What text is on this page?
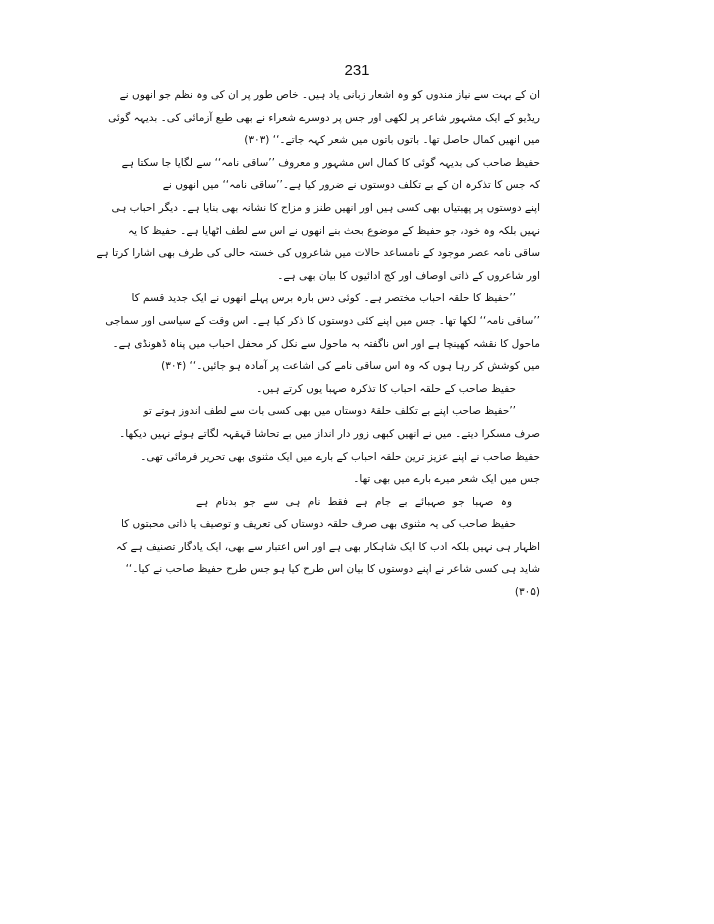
231
ان کے بہت سے نیاز مندوں کو وہ اشعار زبانی یاد ہیں۔ خاص طور پر ان کی وہ نظم جو انھوں نے
ریڈیو کے ایک مشہور شاعر پر لکھی اور جس پر دوسرے شعراء نے بھی طبع آزمائی کی۔ بدیہہ گوئی
میں انھیں کمال حاصل تھا۔ باتوں باتوں میں شعر کہہ جاتے۔‘‘ (۳۰۳)
حفیظ صاحب کی بدیہہ گوئی کا کمال اس مشہور و معروف ’’ساقی نامہ‘‘ سے لگایا جا سکتا ہے
کہ جس کا تذکرہ ان کے بے تکلف دوستوں نے ضرور کیا ہے۔’’ساقی نامہ‘‘ میں انھوں نے
اپنے دوستوں پر پھبتیاں بھی کسی ہیں اور انھیں طنز و مزاح کا نشانہ بھی بنایا ہے۔ دیگر احباب ہی
نہیں بلکہ وہ خود، جو حفیظ کے موضوع بحث بنے انھوں نے اس سے لطف اٹھایا ہے۔ حفیظ کا یہ
ساقی نامہ عصر موجود کے نامساعد حالات میں شاعروں کی خستہ حالی کی طرف بھی اشارا کرتا ہے
اور شاعروں کے ذاتی اوصاف اور کج ادائیوں کا بیان بھی ہے۔
’’حفیظ کا حلقہ احباب مختصر ہے۔ کوئی دس بارہ برس پہلے انھوں نے ایک جدید قسم کا
’’ساقی نامہ‘‘ لکھا تھا۔ جس میں اپنے کئی دوستوں کا ذکر کیا ہے۔ اس وقت کے سیاسی اور سماجی
ماحول کا نقشہ کھینچا ہے اور اس ناگفتہ بہ ماحول سے نکل کر محفل احباب میں پناہ ڈھونڈی ہے۔
میں کوشش کر رہا ہوں کہ وہ اس ساقی نامے کی اشاعت پر آمادہ ہو جائیں۔‘‘ (۳۰۴)
حفیظ صاحب کے حلقہ احباب کا تذکرہ صہبا یوں کرتے ہیں۔
’’حفیظ صاحب اپنے بے تکلف حلقۂ دوستاں میں بھی کسی بات سے لطف اندوز ہوتے تو
صرف مسکرا دیتے۔ میں نے انھیں کبھی زور دار انداز میں بے تحاشا قہقہہ لگاتے ہوئے نہیں دیکھا۔
حفیظ صاحب نے اپنے عزیز ترین حلقہ احباب کے بارے میں ایک مثنوی بھی تحریر فرمائی تھی۔
جس میں ایک شعر میرے بارے میں بھی تھا۔
وہ صہبا جو صہبائے بے جام ہے فقط نام ہی سے جو بدنام ہے
حفیظ صاحب کی یہ مثنوی بھی صرف حلقہ دوستاں کی تعریف و توصیف یا ذاتی محبتوں کا
اظہار ہی نہیں بلکہ ادب کا ایک شاہکار بھی ہے اور اس اعتبار سے بھی، ایک یادگار تصنیف ہے کہ
شاید ہی کسی شاعر نے اپنے دوستوں کا بیان اس طرح کیا ہو جس طرح حفیظ صاحب نے کیا۔‘‘
(۳۰۵)
